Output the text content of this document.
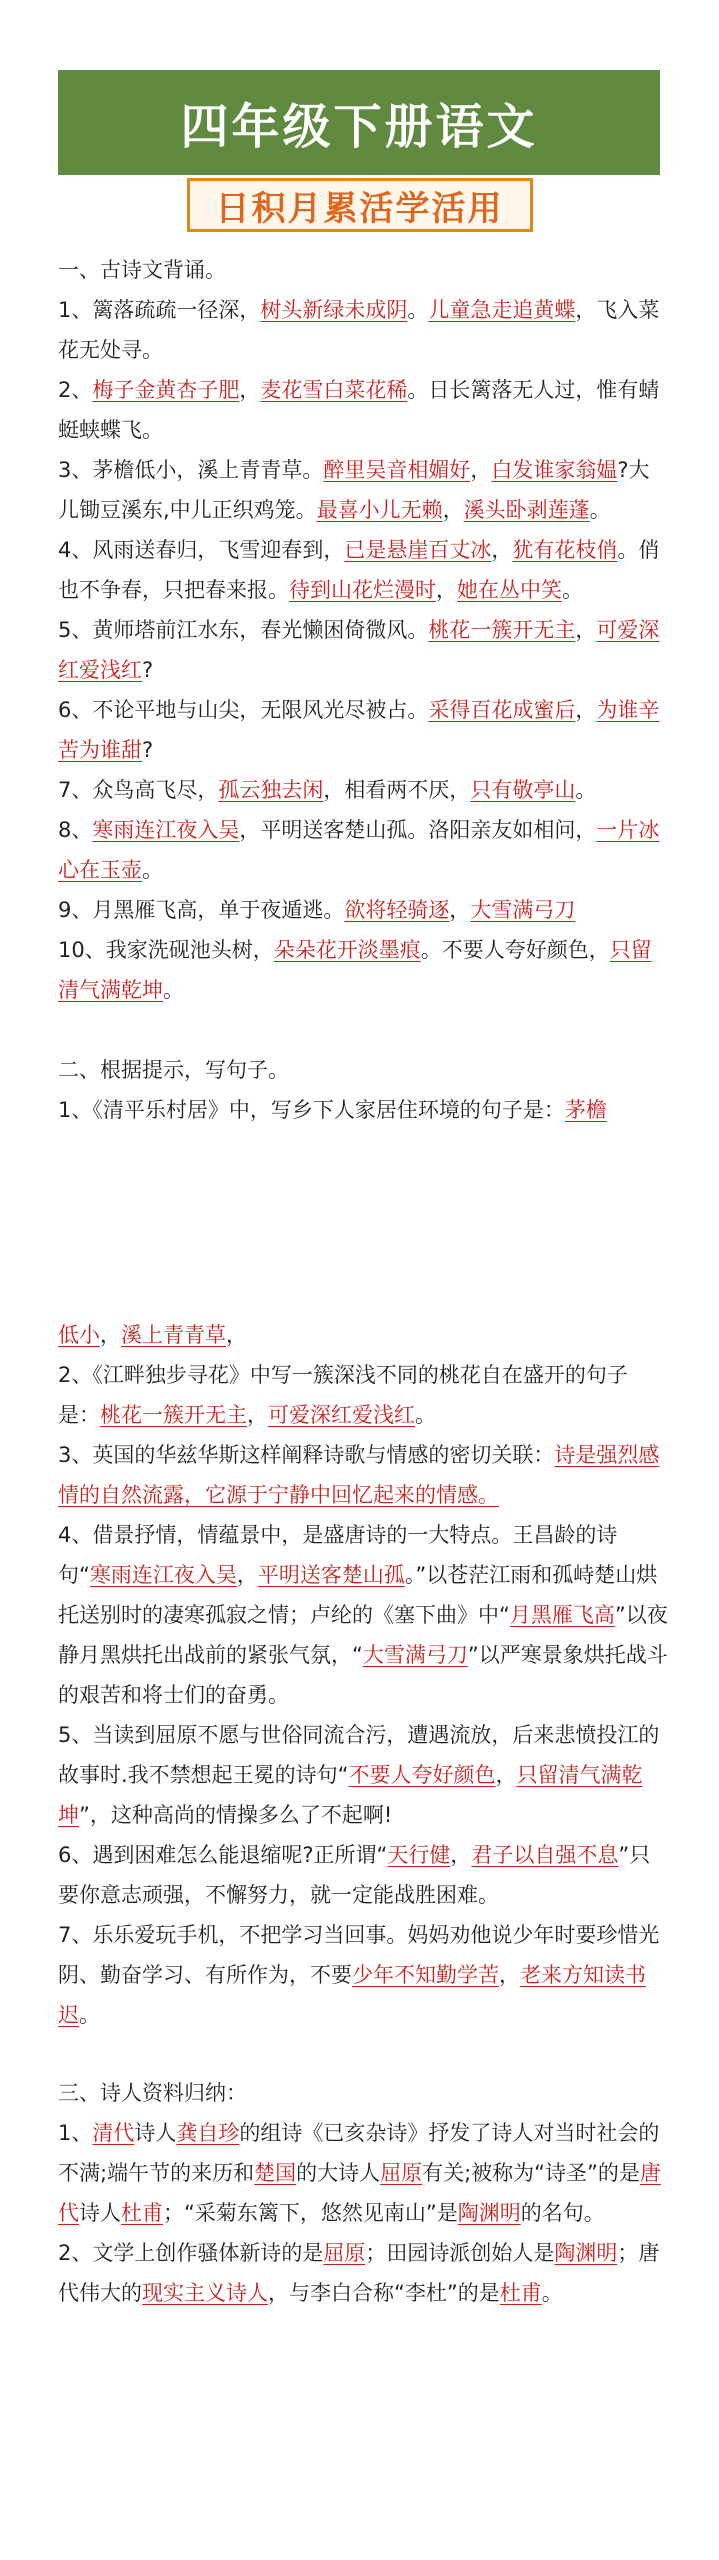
四年级下册语文
日积月累活学活用
一、古诗文背诵。
1、篱落疏疏一径深，树头新绿未成阴。儿童急走追黄蝶，飞入菜花无处寻。
2、梅子金黄杏子肥，麦花雪白菜花稀。日长篱落无人过，惟有蜻蜓蛱蝶飞。
3、茅檐低小，溪上青青草。醉里吴音相媚好，白发谁家翁媪?大儿锄豆溪东,中儿正织鸡笼。最喜小儿无赖，溪头卧剥莲蓬。
4、风雨送春归，飞雪迎春到，已是悬崖百丈冰，犹有花枝俏。俏也不争春，只把春来报。待到山花烂漫时，她在丛中笑。
5、黄师塔前江水东，春光懒困倚微风。桃花一簇开无主，可爱深红爱浅红?
6、不论平地与山尖，无限风光尽被占。采得百花成蜜后，为谁辛苦为谁甜?
7、众鸟高飞尽，孤云独去闲，相看两不厌，只有敬亭山。
8、寒雨连江夜入吴，平明送客楚山孤。洛阳亲友如相问，一片冰心在玉壶。
9、月黑雁飞高，单于夜遁逃。欲将轻骑逐，大雪满弓刀
10、我家洗砚池头树，朵朵花开淡墨痕。不要人夸好颜色，只留清气满乾坤。
二、根据提示，写句子。
1、《清平乐村居》中，写乡下人家居住环境的句子是：茅檐
低小，溪上青青草，
2、《江畔独步寻花》中写一簇深浅不同的桃花自在盛开的句子是：桃花一簇开无主，可爱深红爱浅红。
3、英国的华兹华斯这样阐释诗歌与情感的密切关联：诗是强烈感情的自然流露，它源于宁静中回忆起来的情感。
4、借景抒情，情蕴景中，是盛唐诗的一大特点。王昌龄的诗句“寒雨连江夜入吴，平明送客楚山孤。”以苍茫江雨和孤峙楚山烘托送别时的凄寒孤寂之情；卢纶的《塞下曲》中“月黑雁飞高”以夜静月黑烘托出战前的紧张气氛，“大雪满弓刀”以严寒景象烘托战斗的艰苦和将士们的奋勇。
5、当读到屈原不愿与世俗同流合污，遭遇流放，后来悲愤投江的故事时.我不禁想起王冕的诗句“不要人夸好颜色，只留清气满乾坤”，这种高尚的情操多么了不起啊!
6、遇到困难怎么能退缩呢?正所谓“天行健，君子以自强不息”只要你意志顽强，不懈努力，就一定能战胜困难。
7、乐乐爱玩手机，不把学习当回事。妈妈劝他说少年时要珍惜光阴、勤奋学习、有所作为，不要少年不知勤学苦，老来方知读书迟。
三、诗人资料归纳：
1、清代诗人龚自珍的组诗《已亥杂诗》抒发了诗人对当时社会的不满;端午节的来历和楚国的大诗人屈原有关;被称为“诗圣”的是唐代诗人杜甫；“采菊东篱下，悠然见南山”是陶渊明的名句。
2、文学上创作骚体新诗的是屈原；田园诗派创始人是陶渊明；唐代伟大的现实主义诗人，与李白合称“李杜”的是杜甫。
